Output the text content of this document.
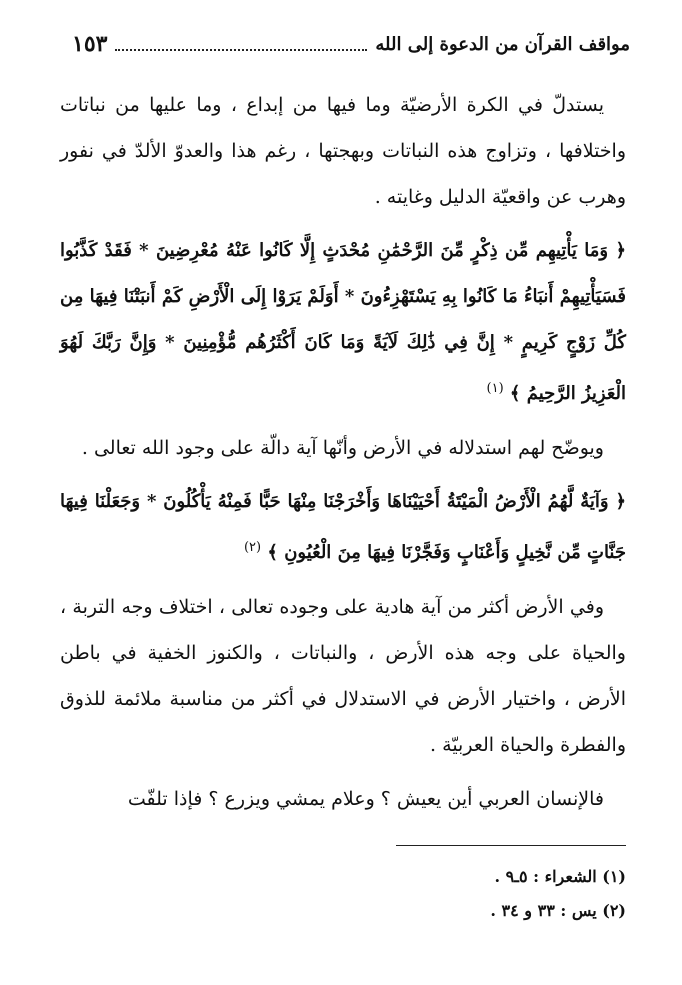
مواقف القرآن من الدعوة إلى الله
١٥٣

يستدلّ في الكرة الأرضيّة وما فيها من إبداع ، وما عليها من نباتات واختلافها ، وتزاوج هذه النباتات وبهجتها ، رغم هذا والعدوّ الألدّ في نفور وهرب عن واقعيّة الدليل وغايته .

﴿ وَمَا يَأْتِيهِم مِّن ذِكْرٍ مِّنَ الرَّحْمَٰنِ مُحْدَثٍ إِلَّا كَانُوا عَنْهُ مُعْرِضِينَ * فَقَدْ كَذَّبُوا فَسَيَأْتِيهِمْ أَنبَاءُ مَا كَانُوا بِهِ يَسْتَهْزِءُونَ * أَوَلَمْ يَرَوْا إِلَى الْأَرْضِ كَمْ أَنبَتْنَا فِيهَا مِن كُلِّ زَوْجٍ كَرِيمٍ * إِنَّ فِي ذَٰلِكَ لَآيَةً وَمَا كَانَ أَكْثَرُهُم مُّؤْمِنِينَ * وَإِنَّ رَبَّكَ لَهُوَ الْعَزِيزُ الرَّحِيمُ ﴾ $^{(١)}$

ويوضّح لهم استدلاله في الأرض وأنّها آية دالّة على وجود الله تعالى .

﴿ وَآيَةٌ لَّهُمُ الْأَرْضُ الْمَيْتَةُ أَحْيَيْنَاهَا وَأَخْرَجْنَا مِنْهَا حَبًّا فَمِنْهُ يَأْكُلُونَ * وَجَعَلْنَا فِيهَا جَنَّاتٍ مِّن نَّخِيلٍ وَأَعْنَابٍ وَفَجَّرْنَا فِيهَا مِنَ الْعُيُونِ ﴾ $^{(٢)}$

وفي الأرض أكثر من آية هادية على وجوده تعالى ، اختلاف وجه التربة ، والحياة على وجه هذه الأرض ، والنباتات ، والكنوز الخفية في باطن الأرض ، واختيار الأرض في الاستدلال في أكثر من مناسبة ملائمة للذوق والفطرة والحياة العربيّة .

فالإنسان العربي أين يعيش ؟ وعلام يمشي ويزرع ؟ فإذا تلفّت

(١) الشعراء : ٥ـ٩ .
(٢) يس : ٣٣ و ٣٤ .
